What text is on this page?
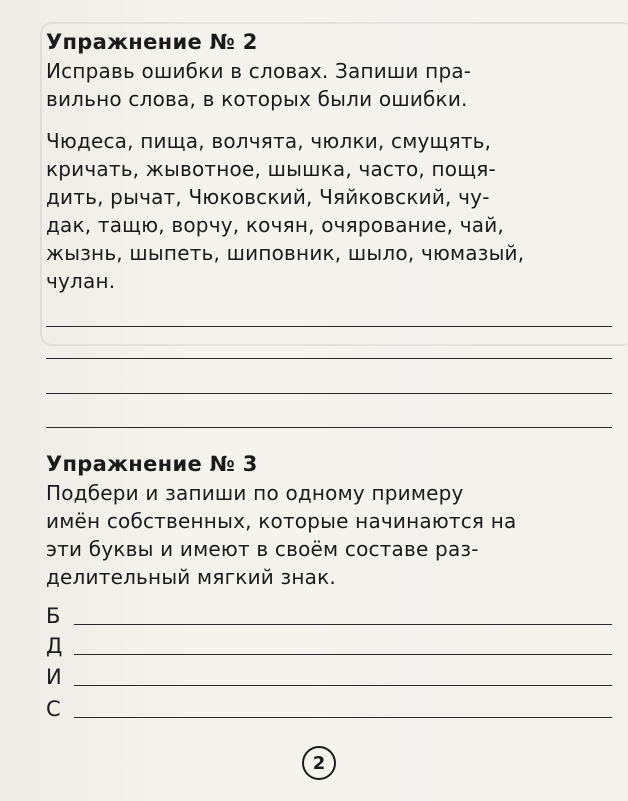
Упражнение № 2
Исправь ошибки в словах. Запиши пра-
вильно слова, в которых были ошибки.
Чюдеса, пища, волчята, чюлки, смущять,
кричать, жывотное, шышка, часто, пощя-
дить, рычат, Чюковский, Чяйковский, чу-
дак, тащю, ворчу, кочян, очярование, чай,
жызнь, шыпеть, шиповник, шыло, чюмазый,
чулан.
Упражнение № 3
Подбери и запиши по одному примеру
имён собственных, которые начинаются на
эти буквы и имеют в своём составе раз-
делительный мягкий знак.
Б
Д
И
С
2
